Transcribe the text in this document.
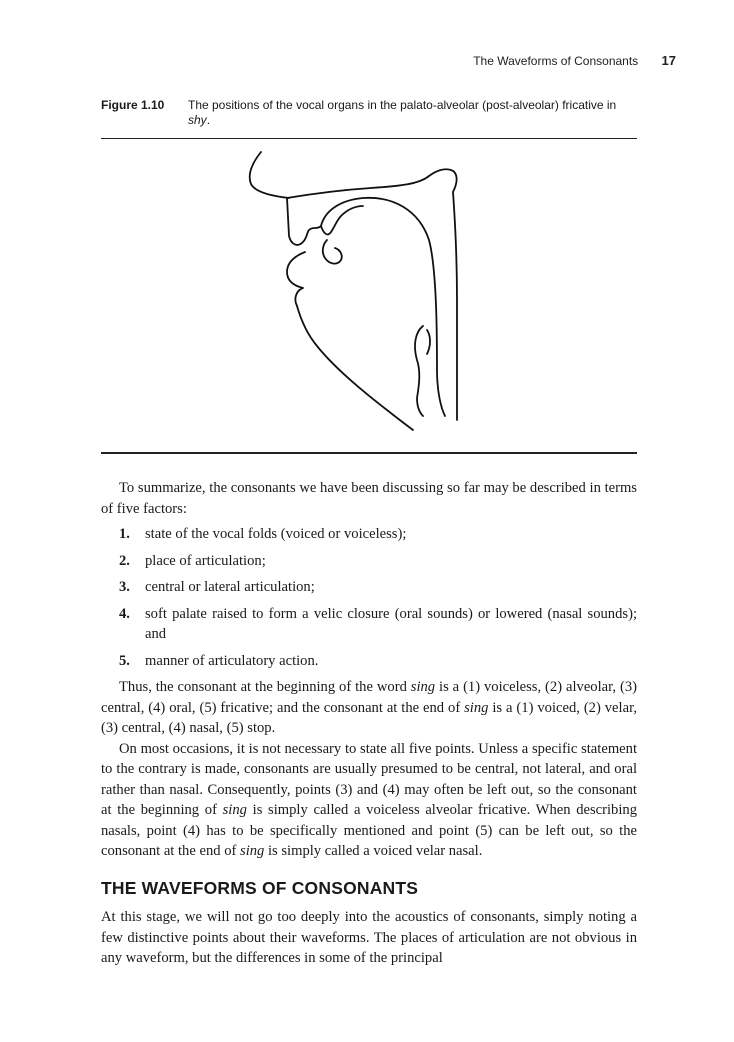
The Waveforms of Consonants 17
Figure 1.10 The positions of the vocal organs in the palato-alveolar (post-alveolar) fricative in shy.

To summarize, the consonants we have been discussing so far may be described in terms of five factors:

1. state of the vocal folds (voiced or voiceless);
2. place of articulation;
3. central or lateral articulation;
4. soft palate raised to form a velic closure (oral sounds) or lowered (nasal sounds); and
5. manner of articulatory action.

Thus, the consonant at the beginning of the word sing is a (1) voiceless, (2) alveolar, (3) central, (4) oral, (5) fricative; and the consonant at the end of sing is a (1) voiced, (2) velar, (3) central, (4) nasal, (5) stop.

On most occasions, it is not necessary to state all five points. Unless a specific statement to the contrary is made, consonants are usually presumed to be central, not lateral, and oral rather than nasal. Consequently, points (3) and (4) may often be left out, so the consonant at the beginning of sing is simply called a voiceless alveolar fricative. When describing nasals, point (4) has to be specifically mentioned and point (5) can be left out, so the consonant at the end of sing is simply called a voiced velar nasal.

THE WAVEFORMS OF CONSONANTS

At this stage, we will not go too deeply into the acoustics of consonants, simply noting a few distinctive points about their waveforms. The places of articulation are not obvious in any waveform, but the differences in some of the principal
